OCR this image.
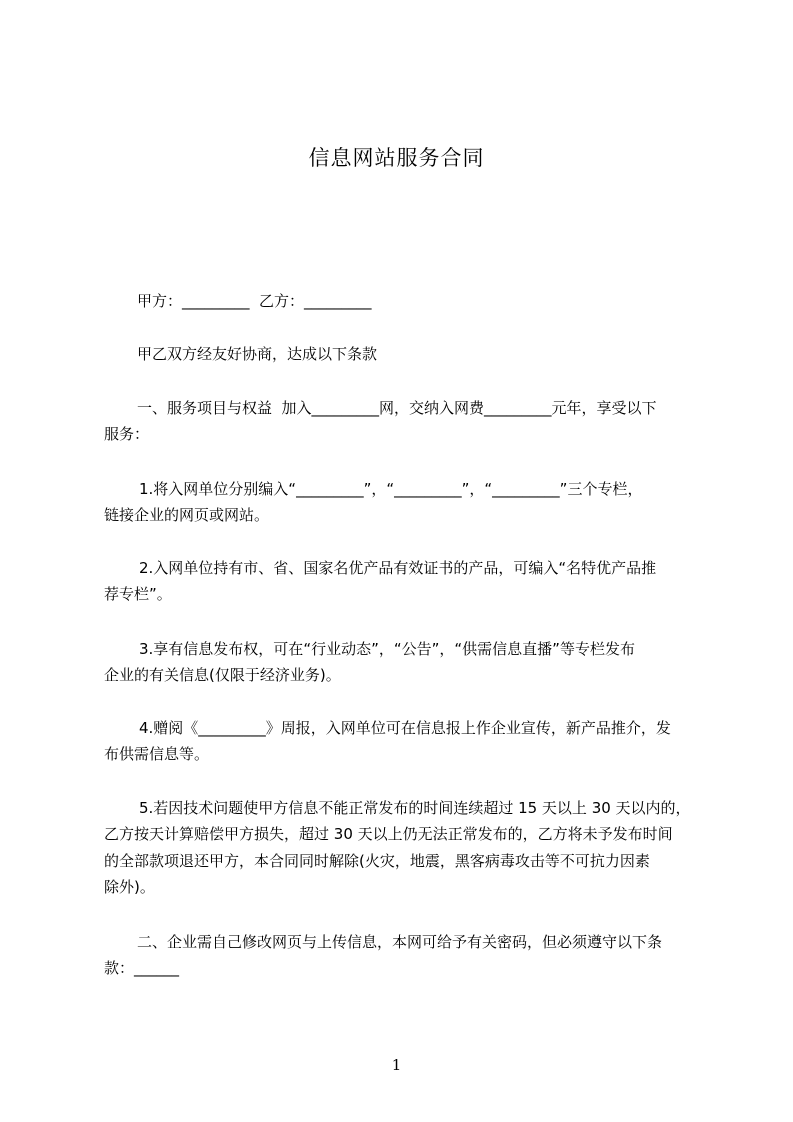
信息网站服务合同
甲方：_________  乙方：_________
甲乙双方经友好协商，达成以下条款
一、服务项目与权益  加入_________网，交纳入网费_________元年，享受以下
服务：
1.将入网单位分别编入“_________”，“_________”，“_________”三个专栏，
链接企业的网页或网站。
2.入网单位持有市、省、国家名优产品有效证书的产品，可编入“名特优产品推
荐专栏”。
3.享有信息发布权，可在“行业动态”，“公告”，“供需信息直播”等专栏发布
企业的有关信息(仅限于经济业务)。
4.赠阅《_________》周报，入网单位可在信息报上作企业宣传，新产品推介，发
布供需信息等。
5.若因技术问题使甲方信息不能正常发布的时间连续超过 15 天以上 30 天以内的，
乙方按天计算赔偿甲方损失，超过 30 天以上仍无法正常发布的，乙方将未予发布时间
的全部款项退还甲方，本合同同时解除(火灾，地震，黑客病毒攻击等不可抗力因素
除外)。
二、企业需自己修改网页与上传信息，本网可给予有关密码，但必须遵守以下条
款：______
1
